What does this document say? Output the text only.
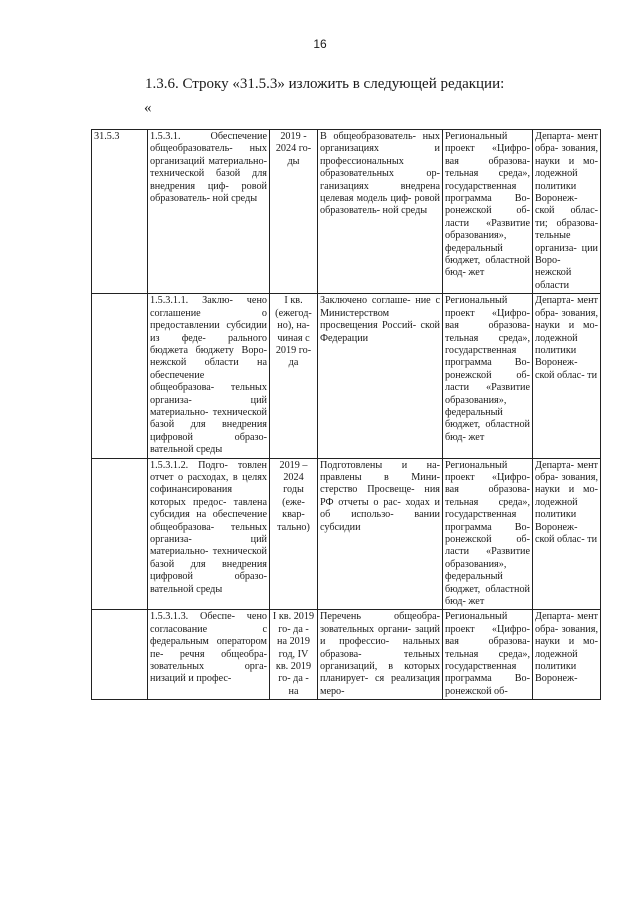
16
1.3.6. Строку «31.5.3» изложить в следующей редакции:
«
31.5.3	1.5.3.1. Обеспечение общеобразователь- ных организаций материально- технической базой для внедрения циф- ровой образователь- ной среды	2019 - 2024 го- ды	В общеобразователь- ных организациях и профессиональных образовательных ор- ганизациях внедрена целевая модель циф- ровой образователь- ной среды	Региональный проект «Цифро- вая образова- тельная среда», государственная программа Во- ронежской об- ласти «Развитие образования», федеральный бюджет, областной бюд- жет	Департа- мент обра- зования, науки и мо- лодежной политики Воронеж- ской облас- ти; образова- тельные организа- ции Воро- нежской области

	1.5.3.1.1. Заклю- чено соглашение о предоставлении субсидии из феде- рального бюджета бюджету Воро- нежской области на обеспечение общеобразова- тельных организа- ций материально- технической базой для внедрения цифровой образо- вательной среды	I кв. (ежегод- но), на- чиная с 2019 го- да	Заключено соглаше- ние с Министерством просвещения Россий- ской Федерации	Региональный проект «Цифро- вая образова- тельная среда», государственная программа Во- ронежской об- ласти «Развитие образования», федеральный бюджет, областной бюд- жет	Департа- мент обра- зования, науки и мо- лодежной политики Воронеж- ской облас- ти

	1.5.3.1.2. Подго- товлен отчет о расходах, в целях софинансирования которых предос- тавлена субсидия на обеспечение общеобразова- тельных организа- ций материально- технической базой для внедрения цифровой образо- вательной среды	2019 – 2024 годы (еже- квар- тально)	Подготовлены и на- правлены в Мини- стерство Просвеще- ния РФ отчеты о рас- ходах и об использо- вании субсидии	Региональный проект «Цифро- вая образова- тельная среда», государственная программа Во- ронежской об- ласти «Развитие образования», федеральный бюджет, областной бюд- жет	Департа- мент обра- зования, науки и мо- лодежной политики Воронеж- ской облас- ти

	1.5.3.1.3. Обеспе- чено согласование с федеральным оператором пе- речня общеобра- зовательных орга- низаций и профес-	I кв. 2019 го- да - на 2019 год, IV кв. 2019 го- да - на	Перечень общеобра- зовательных органи- заций и профессио- нальных образова- тельных организаций, в которых планирует- ся реализация меро-	Региональный проект «Цифро- вая образова- тельная среда», государственная программа Во- ронежской об-	Департа- мент обра- зования, науки и мо- лодежной политики Воронеж-
